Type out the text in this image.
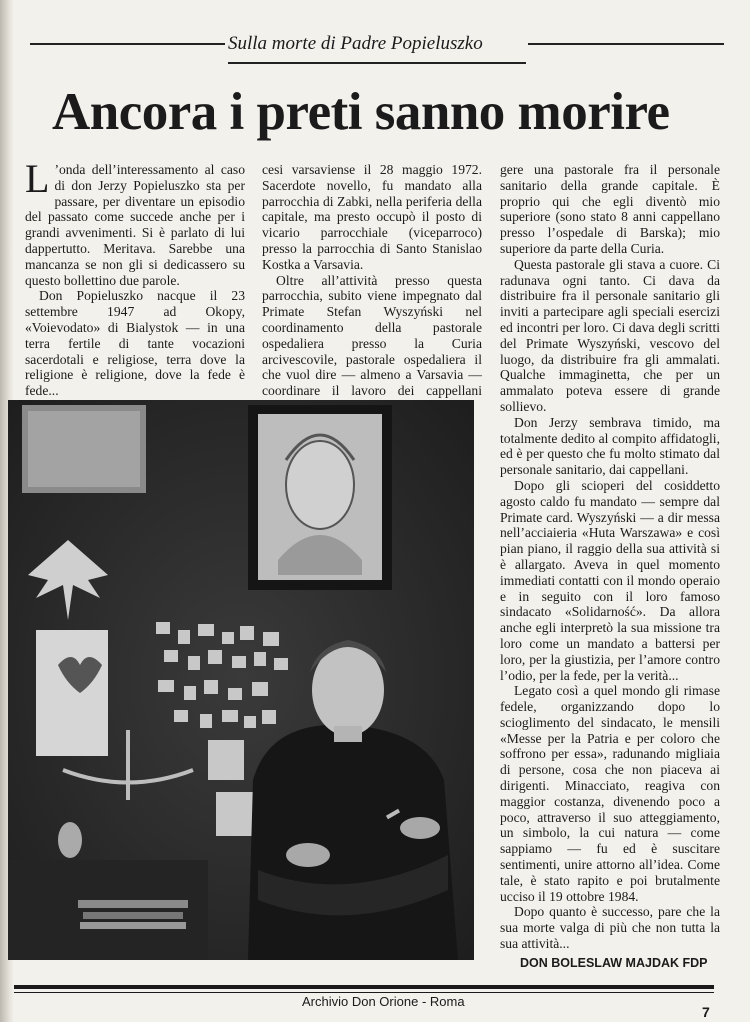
Sulla morte di Padre Popieluszko
Ancora i preti sanno morire

L ’onda dell’interessamento al caso di don Jerzy Popieluszko sta per passare, per diventare un episodio del passato come succede anche per i grandi avvenimenti. Si è parlato di lui dappertutto. Meritava. Sarebbe una mancanza se non gli si dedicassero su questo bollettino due parole.

Don Popieluszko nacque il 23 settembre 1947 ad Okopy, «Voievodato» di Bialystok — in una terra fertile di tante vocazioni sacerdotali e religiose, terra dove la religione è religione, dove la fede è fede...

cesi varsaviense il 28 maggio 1972. Sacerdote novello, fu mandato alla parrocchia di Zabki, nella periferia della capitale, ma presto occupò il posto di vicario parrocchiale (viceparroco) presso la parrocchia di Santo Stanislao Kostka a Varsavia.

Oltre all’attività presso questa parrocchia, subito viene impegnato dal Primate Stefan Wyszyński nel coordinamento della pastorale ospedaliera presso la Curia arcivescovile, pastorale ospedaliera il che vuol dire — almeno a Varsavia — coordinare il lavoro dei cappellani

gere una pastorale fra il personale sanitario della grande capitale. È proprio qui che egli diventò mio superiore (sono stato 8 anni cappellano presso l’ospedale di Barska); mio superiore da parte della Curia.

Questa pastorale gli stava a cuore. Ci radunava ogni tanto. Ci dava da distribuire fra il personale sanitario gli inviti a partecipare agli speciali esercizi ed incontri per loro. Ci dava degli scritti del Primate Wyszyński, vescovo del luogo, da distribuire fra gli ammalati. Qualche immaginetta, che per un ammalato poteva essere di grande sollievo.

Don Jerzy sembrava timido, ma totalmente dedito al compito affidatogli, ed è per questo che fu molto stimato dal personale sanitario, dai cappellani.

Dopo gli scioperi del cosiddetto agosto caldo fu mandato — sempre dal Primate card. Wyszyński — a dir messa nell’acciaieria «Huta Warszawa» e così pian piano, il raggio della sua attività si è allargato. Aveva in quel momento immediati contatti con il mondo operaio e in seguito con il loro famoso sindacato «Solidarność». Da allora anche egli interpretò la sua missione tra loro come un mandato a battersi per loro, per la giustizia, per l’amore contro l’odio, per la fede, per la verità...

Legato così a quel mondo gli rimase fedele, organizzando dopo lo scioglimento del sindacato, le mensili «Messe per la Patria e per coloro che soffrono per essa», radunando migliaia di persone, cosa che non piaceva ai dirigenti. Minacciato, reagiva con maggior costanza, divenendo poco a poco, attraverso il suo atteggiamento, un simbolo, la cui natura — come sappiamo — fu ed è suscitare sentimenti, unire attorno all’idea. Come tale, è stato rapito e poi brutalmente ucciso il 19 ottobre 1984.

Dopo quanto è successo, pare che la sua morte valga di più che non tutta la sua attività...

DON BOLESLAW MAJDAK FDP
Archivio Don Orione - Roma
7
